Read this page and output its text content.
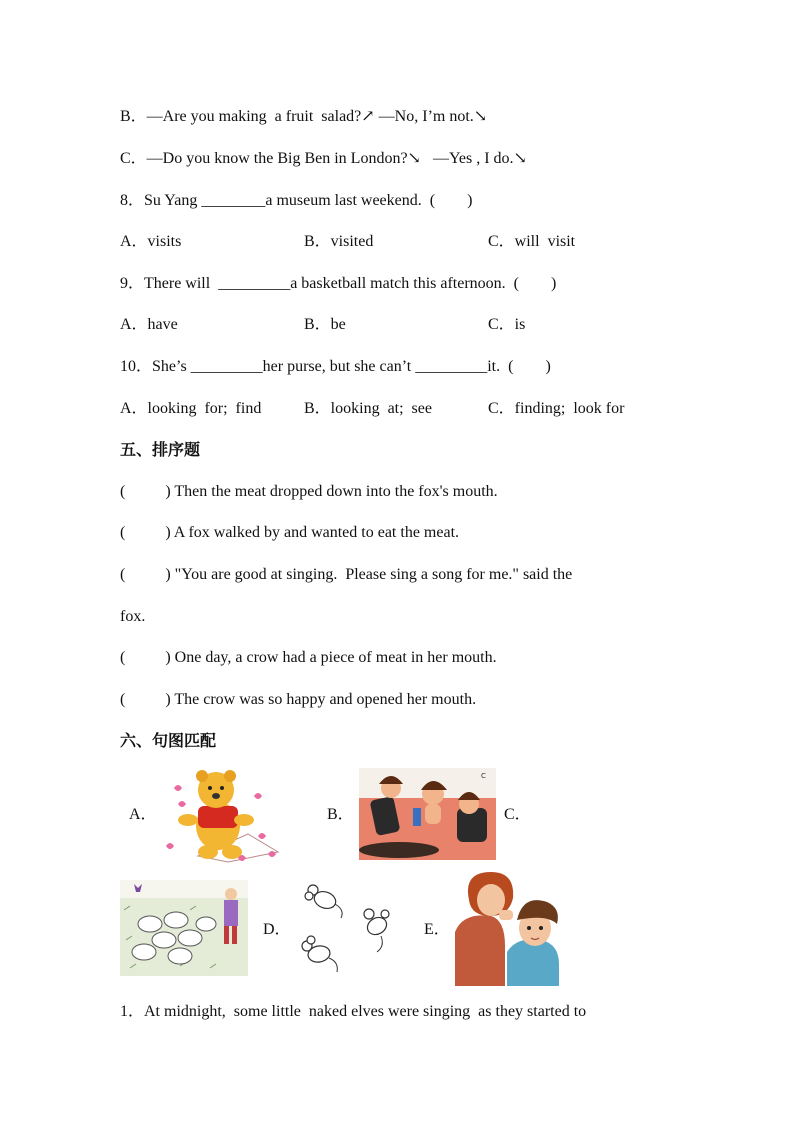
B．—Are you making  a fruit  salad?↗ —No, I’m not.↘
C．—Do you know the Big Ben in London?↘   —Yes , I do.↘
8．Su Yang ________a museum last weekend.  (        )
A．visits	B．visited	C．will  visit
9．There will  _________a basketball match this afternoon.  (        )
A．have	B．be	C．is
10．She’s _________her purse, but she can’t _________it.  (        )
A．looking  for;  find	B．looking  at;  see	C．finding;  look for
五、排序题
(          ) Then the meat dropped down into the fox's mouth.
(          ) A fox walked by and wanted to eat the meat.
(          ) "You are good at singing.  Please sing a song for me." said the
fox.
(          ) One day, a crow had a piece of meat in her mouth.
(          ) The crow was so happy and opened her mouth.
六、句图匹配
A．	B．	C．
D．	E．
C
1．At midnight,  some little  naked elves were singing  as they started to
